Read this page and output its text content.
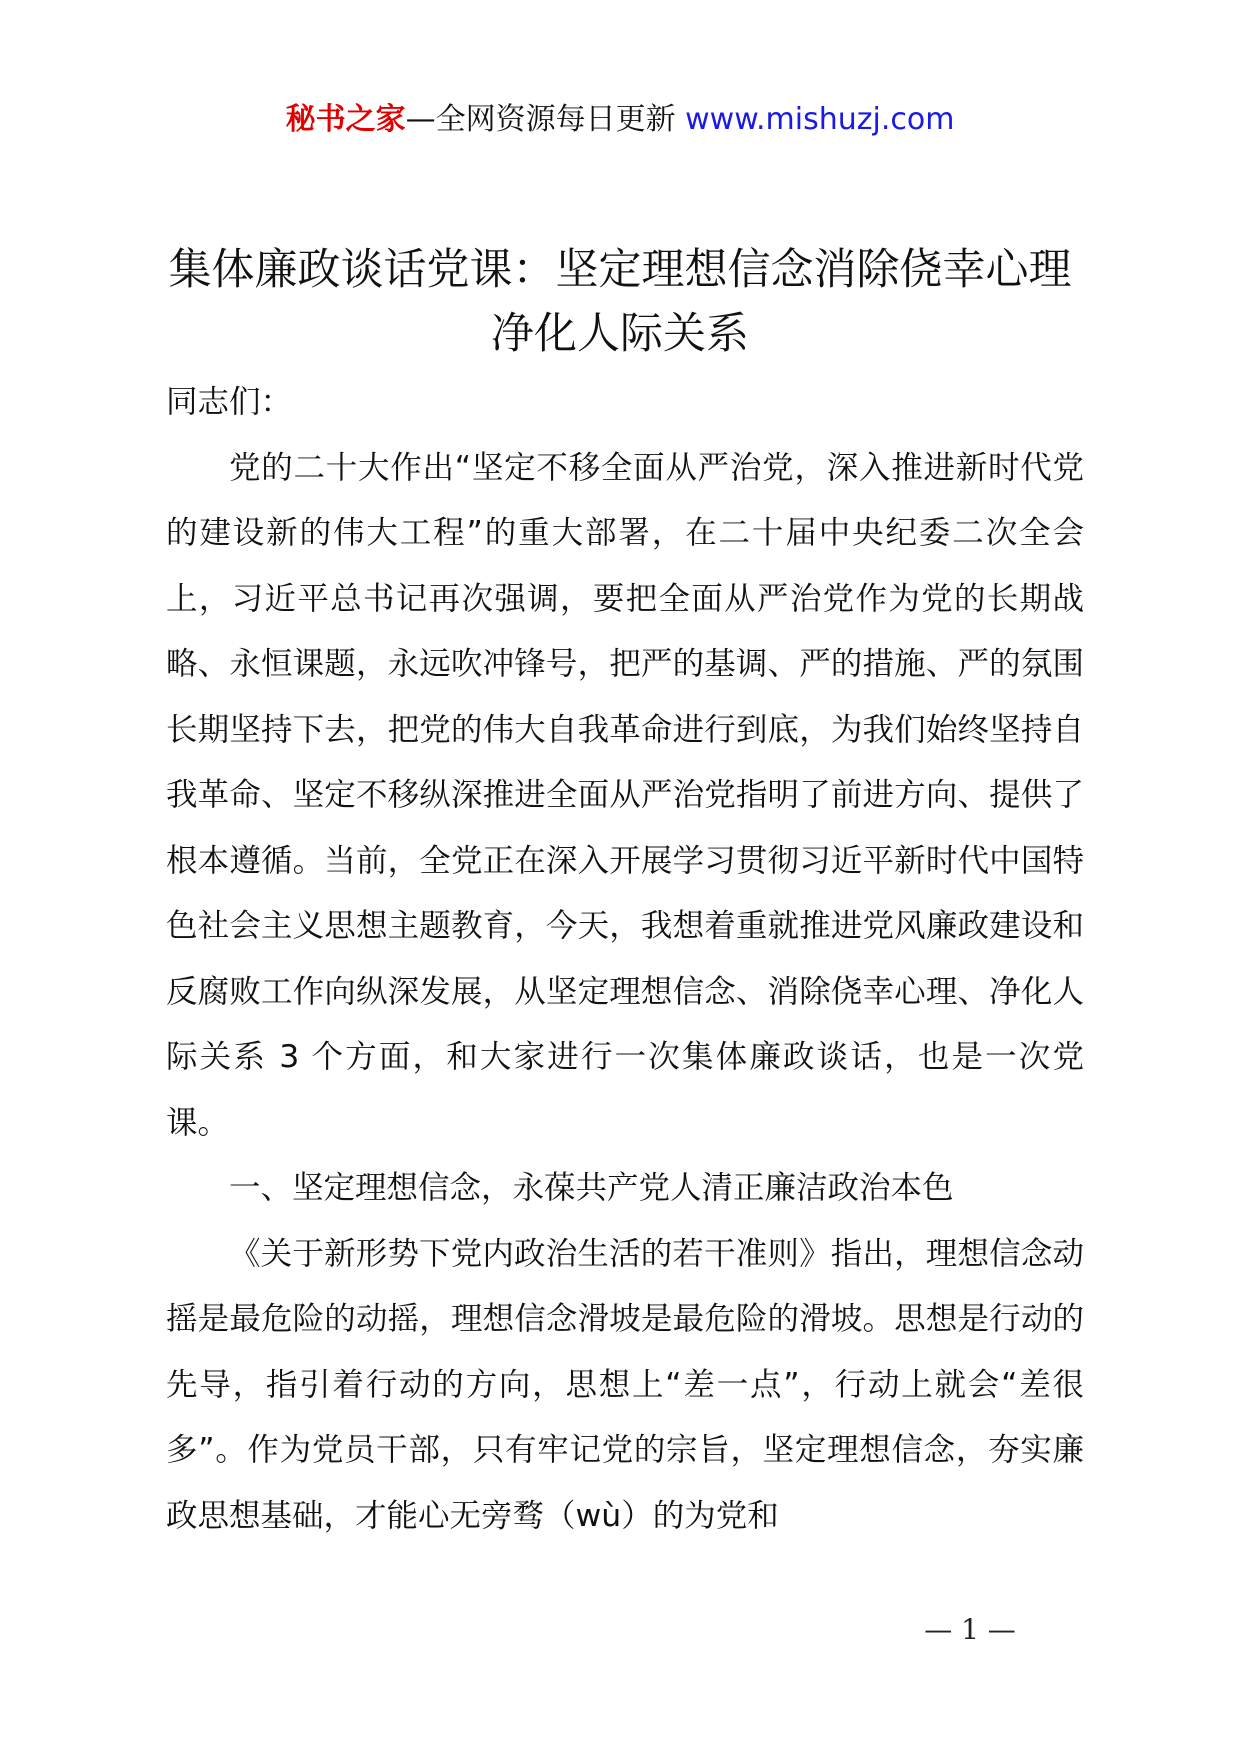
秘书之家—全网资源每日更新 www.mishuzj.com
集体廉政谈话党课：坚定理想信念消除侥幸心理净化人际关系

同志们：

党的二十大作出“坚定不移全面从严治党，深入推进新时代党的建设新的伟大工程”的重大部署，在二十届中央纪委二次全会上，习近平总书记再次强调，要把全面从严治党作为党的长期战略、永恒课题，永远吹冲锋号，把严的基调、严的措施、严的氛围长期坚持下去，把党的伟大自我革命进行到底，为我们始终坚持自我革命、坚定不移纵深推进全面从严治党指明了前进方向、提供了根本遵循。当前，全党正在深入开展学习贯彻习近平新时代中国特色社会主义思想主题教育，今天，我想着重就推进党风廉政建设和反腐败工作向纵深发展，从坚定理想信念、消除侥幸心理、净化人际关系 3 个方面，和大家进行一次集体廉政谈话，也是一次党课。

一、坚定理想信念，永葆共产党人清正廉洁政治本色

《关于新形势下党内政治生活的若干准则》指出，理想信念动摇是最危险的动摇，理想信念滑坡是最危险的滑坡。思想是行动的先导，指引着行动的方向，思想上“差一点”，行动上就会“差很多”。作为党员干部，只有牢记党的宗旨，坚定理想信念，夯实廉政思想基础，才能心无旁骛（wù）的为党和

— 1 —
